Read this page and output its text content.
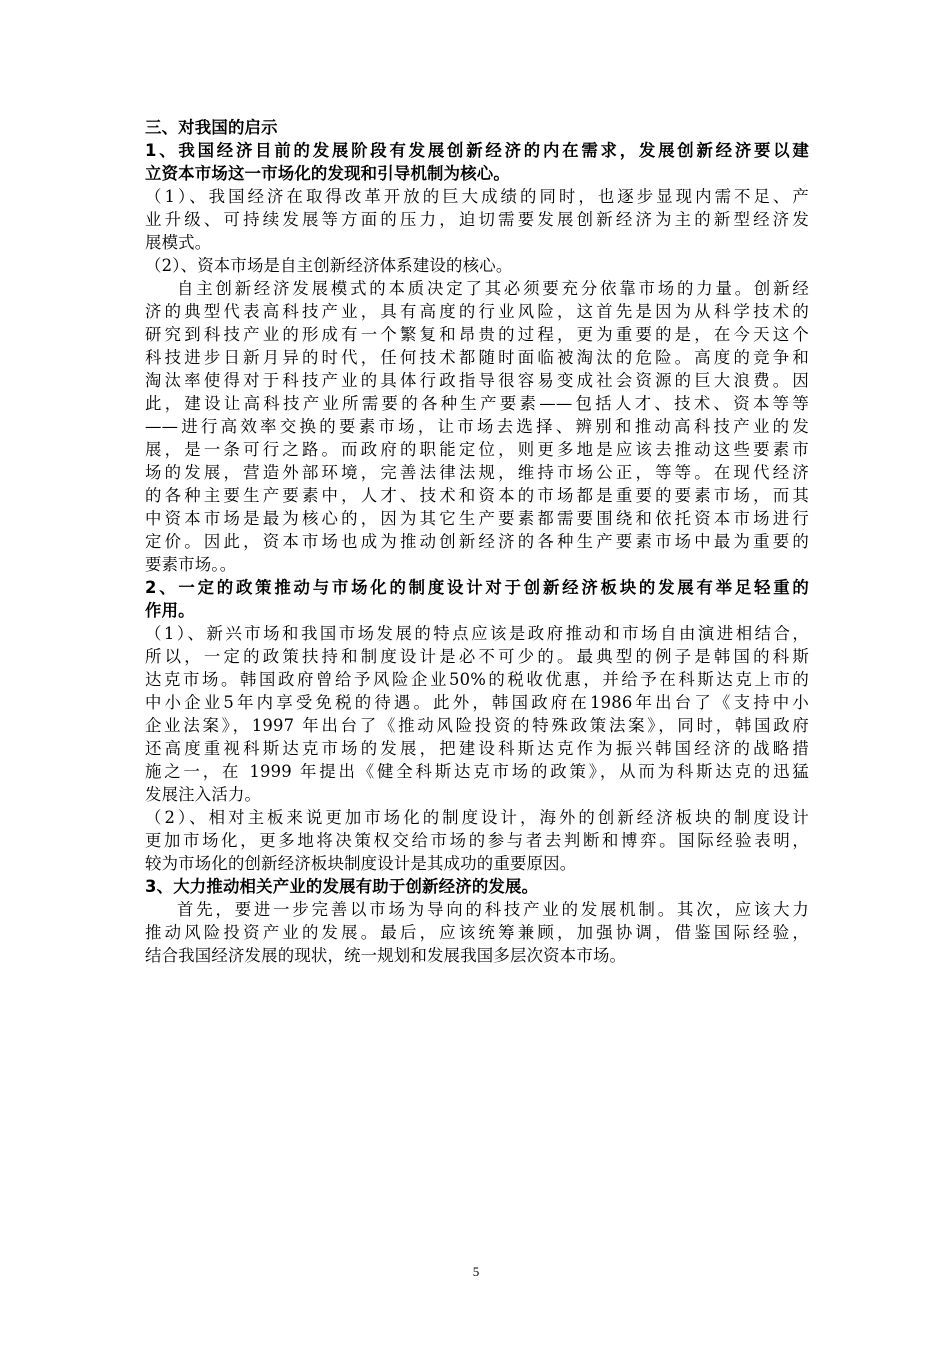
三、对我国的启示
1、我国经济目前的发展阶段有发展创新经济的内在需求，发展创新经济要以建
立资本市场这一市场化的发现和引导机制为核心。
（1）、我国经济在取得改革开放的巨大成绩的同时，也逐步显现内需不足、产
业升级、可持续发展等方面的压力，迫切需要发展创新经济为主的新型经济发
展模式。
（2）、资本市场是自主创新经济体系建设的核心。
自主创新经济发展模式的本质决定了其必须要充分依靠市场的力量。创新经
济的典型代表高科技产业，具有高度的行业风险，这首先是因为从科学技术的
研究到科技产业的形成有一个繁复和昂贵的过程，更为重要的是，在今天这个
科技进步日新月异的时代，任何技术都随时面临被淘汰的危险。高度的竞争和
淘汰率使得对于科技产业的具体行政指导很容易变成社会资源的巨大浪费。因
此，建设让高科技产业所需要的各种生产要素——包括人才、技术、资本等等
——进行高效率交换的要素市场，让市场去选择、辨别和推动高科技产业的发
展，是一条可行之路。而政府的职能定位，则更多地是应该去推动这些要素市
场的发展，营造外部环境，完善法律法规，维持市场公正，等等。在现代经济
的各种主要生产要素中，人才、技术和资本的市场都是重要的要素市场，而其
中资本市场是最为核心的，因为其它生产要素都需要围绕和依托资本市场进行
定价。因此，资本市场也成为推动创新经济的各种生产要素市场中最为重要的
要素市场。。
2、一定的政策推动与市场化的制度设计对于创新经济板块的发展有举足轻重的
作用。
（1）、新兴市场和我国市场发展的特点应该是政府推动和市场自由演进相结合，
所以，一定的政策扶持和制度设计是必不可少的。最典型的例子是韩国的科斯
达克市场。韩国政府曾给予风险企业50%的税收优惠，并给予在科斯达克上市的
中小企业5年内享受免税的待遇。此外，韩国政府在1986年出台了《支持中小
企业法案》，1997 年出台了《推动风险投资的特殊政策法案》，同时，韩国政府
还高度重视科斯达克市场的发展，把建设科斯达克作为振兴韩国经济的战略措
施之一，在 1999 年提出《健全科斯达克市场的政策》，从而为科斯达克的迅猛
发展注入活力。
（2）、相对主板来说更加市场化的制度设计，海外的创新经济板块的制度设计
更加市场化，更多地将决策权交给市场的参与者去判断和博弈。国际经验表明，
较为市场化的创新经济板块制度设计是其成功的重要原因。
3、大力推动相关产业的发展有助于创新经济的发展。
首先，要进一步完善以市场为导向的科技产业的发展机制。其次，应该大力
推动风险投资产业的发展。最后，应该统筹兼顾，加强协调，借鉴国际经验，
结合我国经济发展的现状，统一规划和发展我国多层次资本市场。
5
